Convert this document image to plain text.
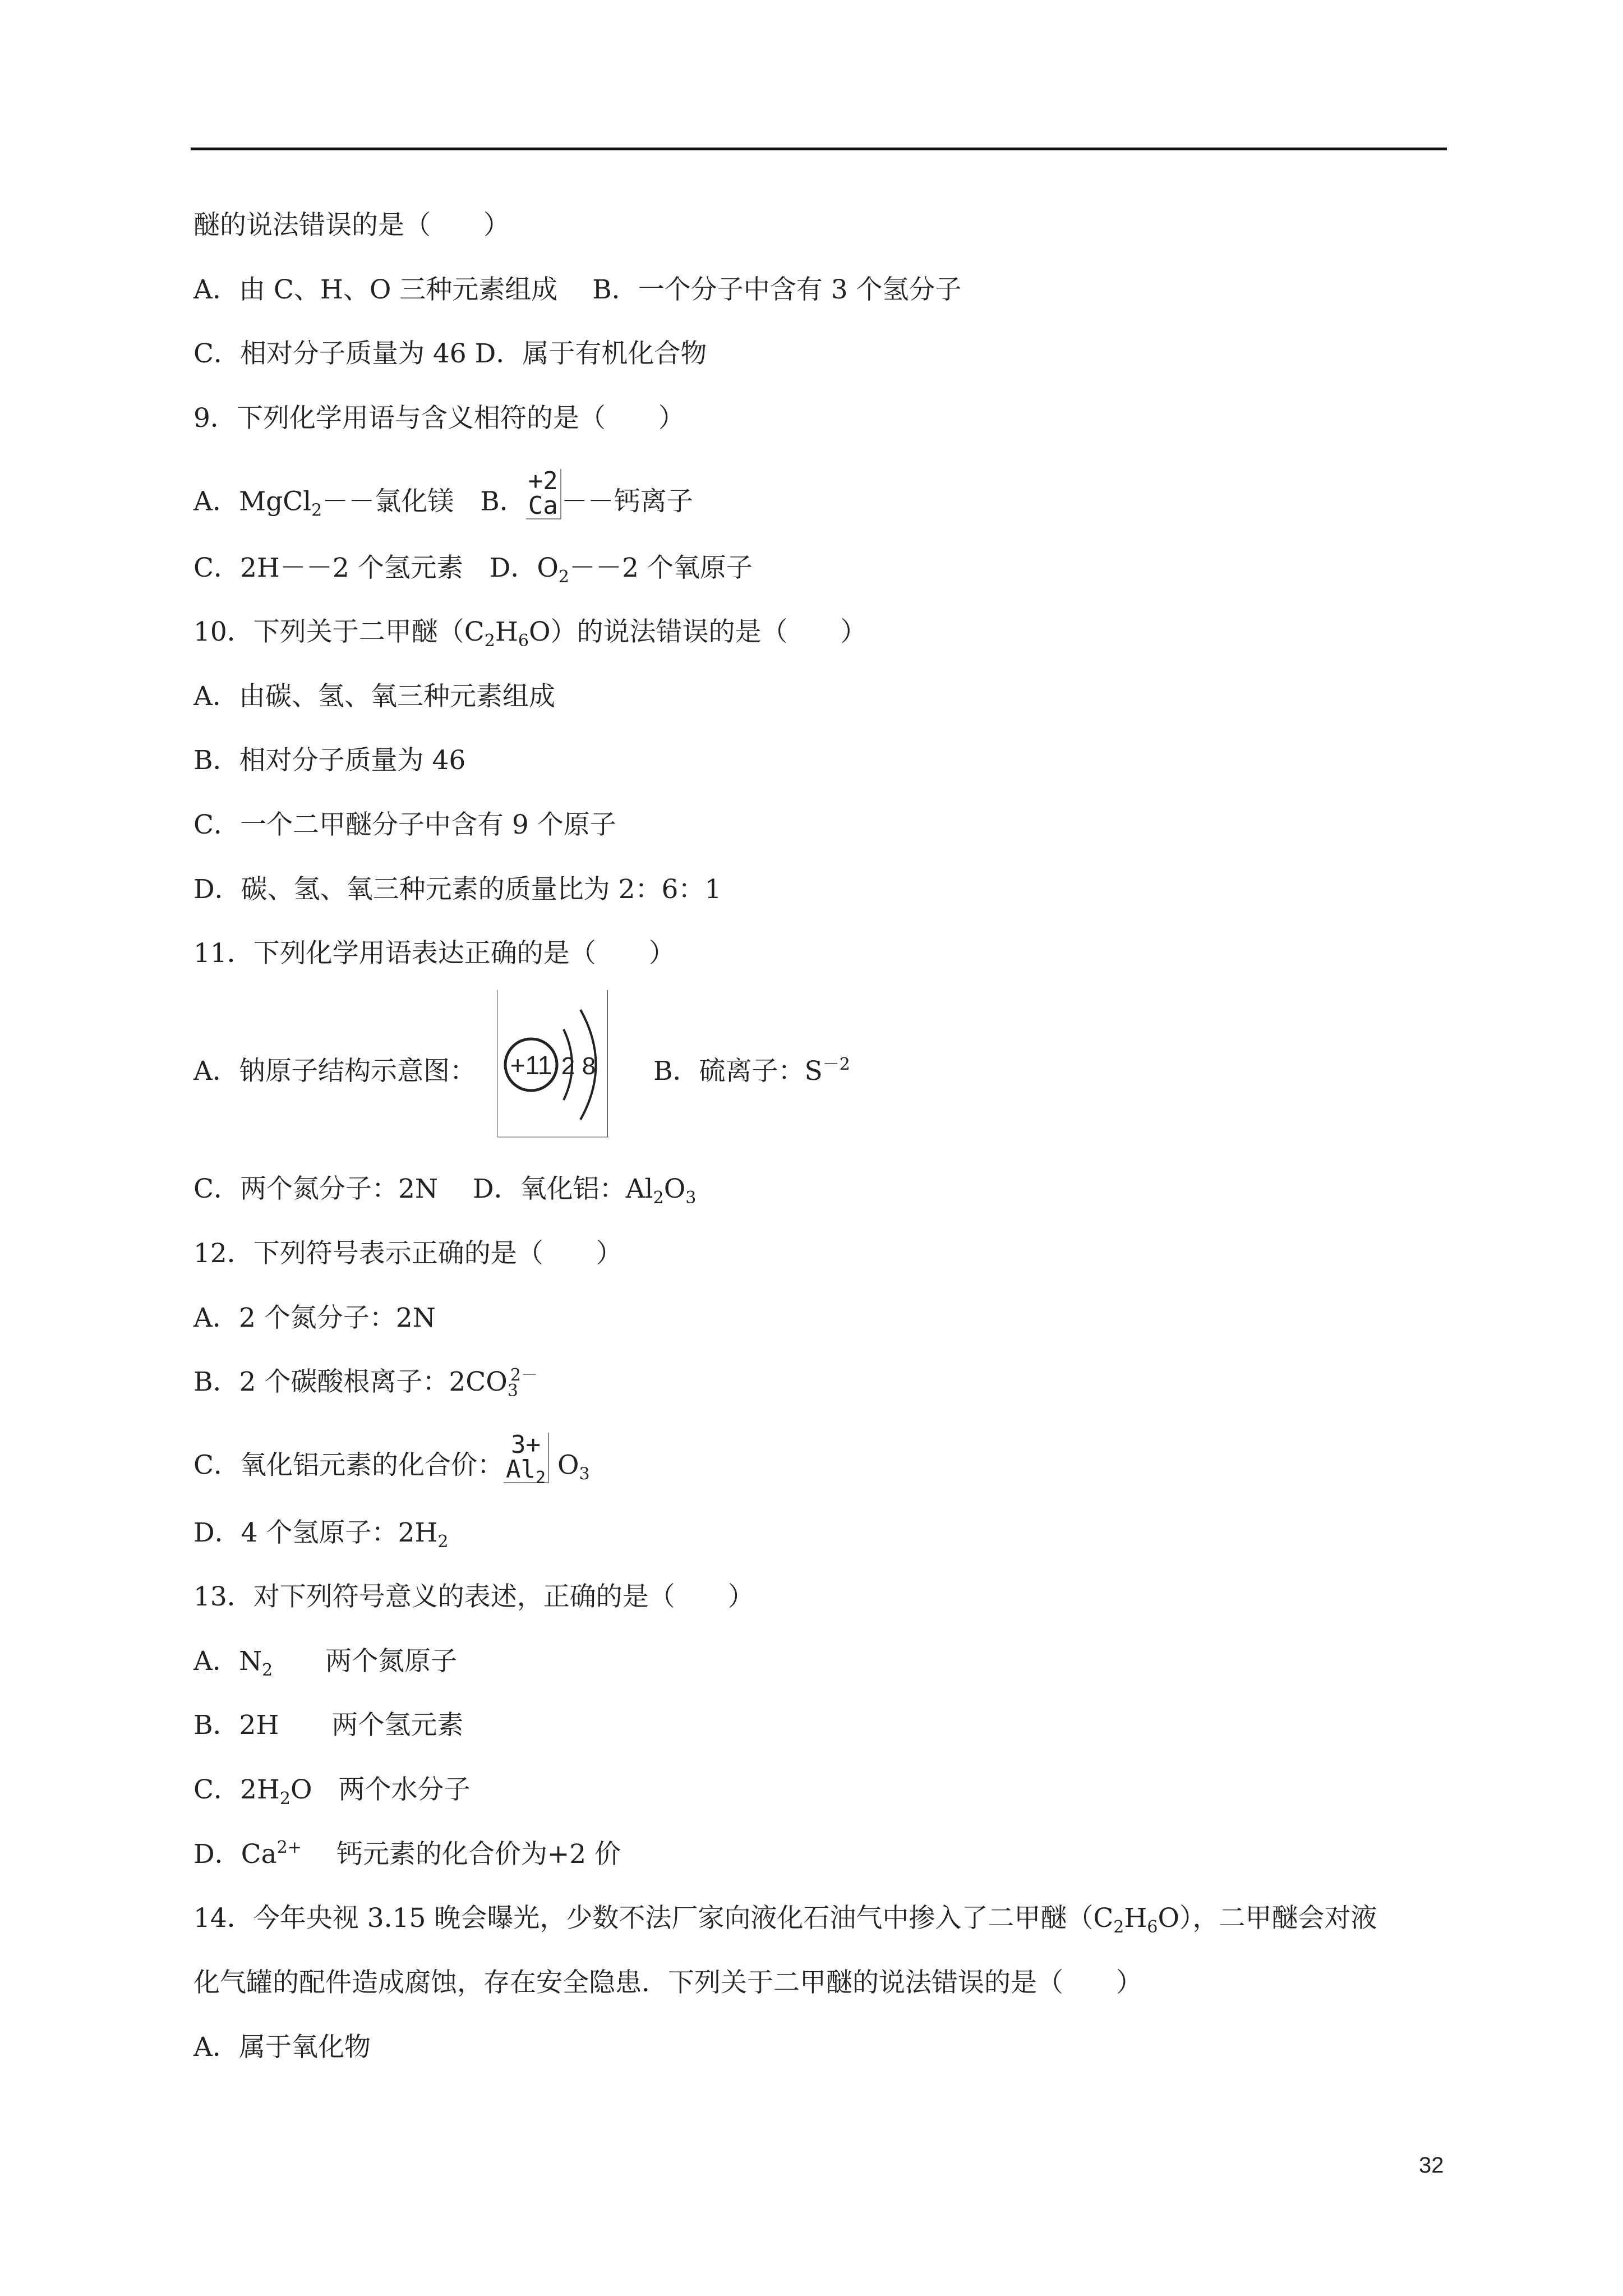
醚的说法错误的是（　　）
A．由 C、H、O 三种元素组成　 B．一个分子中含有 3 个氢分子
C．相对分子质量为 46 D．属于有机化合物
9．下列化学用语与含义相符的是（　　）
A．MgCl$_2$－－氯化镁　B．+2
Ca －－钙离子
C．2H－－2 个氢元素　D．$O_2--2$ 个氧原子
10．下列关于二甲醚$(C_2H_6O)$的说法错误的是（　　）
A．由碳、氢、氧三种元素组成
B．相对分子质量为 46
C．一个二甲醚分子中含有 9 个原子
D．碳、氢、氧三种元素的质量比为 2：6：1
11．下列化学用语表达正确的是（　　）
A．钠原子结构示意图： +11 2 8 B．硫离子：$S^{-2}$
C．两个氮分子：2N　 D．氧化铝：$Al_2O_3$
12．下列符号表示正确的是（　　）
A．2 个氮分子：2N
B．2 个碳酸根离子：$2CO_3^{2-}$
C．氧化铝元素的化合价：3+
$Al_2$ $O_3$
D．4 个氢原子：$2H_2$
13．对下列符号意义的表述，正确的是（　　）
A．$N_2$　　两个氮原子
B．2H　　两个氢元素
C．$2H_2O$　两个水分子
D．$Ca^{2+}$　 钙元素的化合价为+2 价
14．今年央视 3.15 晚会曝光，少数不法厂家向液化石油气中掺入了二甲醚$(C_2H_6O)$，二甲醚会对液
化气罐的配件造成腐蚀，存在安全隐患．下列关于二甲醚的说法错误的是（　　）
A．属于氧化物
32
